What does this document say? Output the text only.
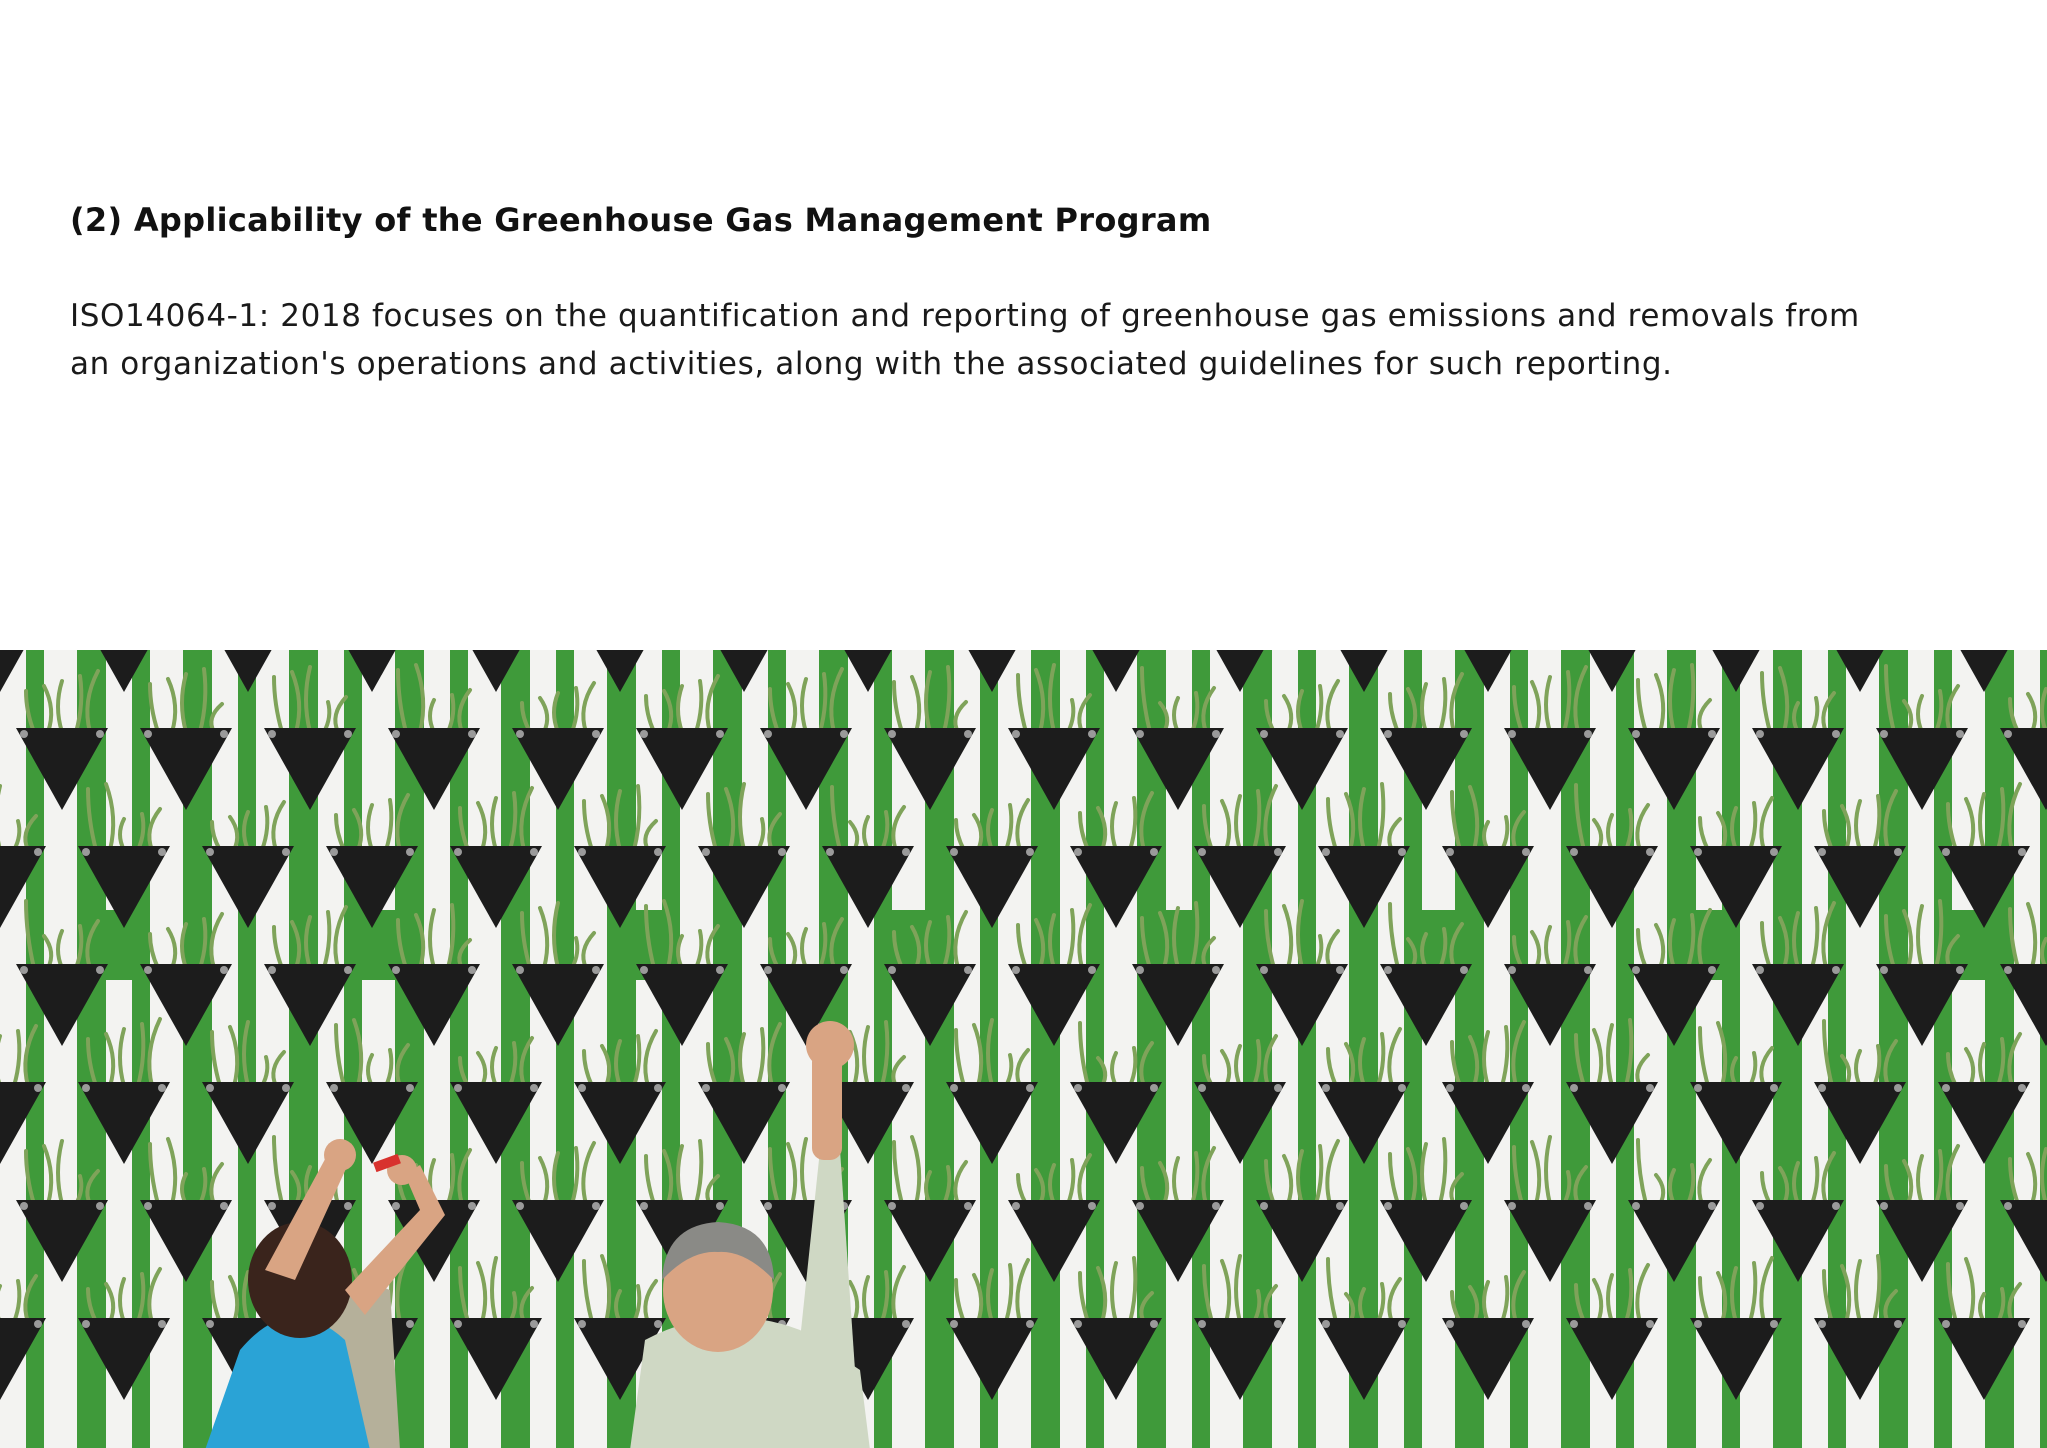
(2) Applicability of the Greenhouse Gas Management Program

ISO14064-1: 2018 focuses on the quantification and reporting of greenhouse gas emissions and removals from an organization's operations and activities, along with the associated guidelines for such reporting.
